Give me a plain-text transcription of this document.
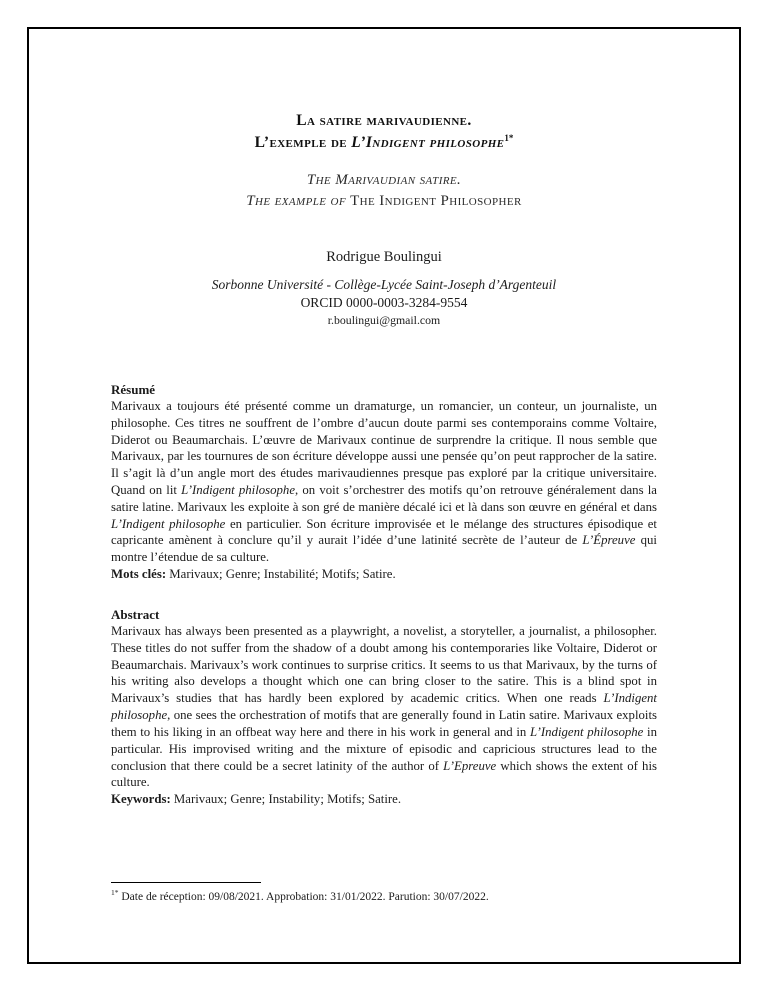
La satire marivaudienne.
L’exemple de L’Indigent philosophe$^{1*}$
The Marivaudian satire.
The example of The Indigent Philosopher
Rodrigue Boulingui
Sorbonne Université - Collège-Lycée Saint-Joseph d’Argenteuil
ORCID 0000-0003-3284-9554
r.boulingui@gmail.com
Résumé

Marivaux a toujours été présenté comme un dramaturge, un romancier, un conteur, un journaliste, un philosophe. Ces titres ne souffrent de l’ombre d’aucun doute parmi ses contemporains comme Voltaire, Diderot ou Beaumarchais. L’œuvre de Marivaux continue de surprendre la critique. Il nous semble que Marivaux, par les tournures de son écriture développe aussi une pensée qu’on peut rapprocher de la satire. Il s’agit là d’un angle mort des études marivaudiennes presque pas exploré par la critique universitaire. Quand on lit L’Indigent philosophe, on voit s’orchestrer des motifs qu’on retrouve généralement dans la satire latine. Marivaux les exploite à son gré de manière décalé ici et là dans son œuvre en général et dans L’Indigent philosophe en particulier. Son écriture improvisée et le mélange des structures épisodique et capricante amènent à conclure qu’il y aurait l’idée d’une latinité secrète de l’auteur de L’Épreuve qui montre l’étendue de sa culture.

Mots clés: Marivaux; Genre; Instabilité; Motifs; Satire.

Abstract

Marivaux has always been presented as a playwright, a novelist, a storyteller, a journalist, a philosopher. These titles do not suffer from the shadow of a doubt among his contemporaries like Voltaire, Diderot or Beaumarchais. Marivaux’s work continues to surprise critics. It seems to us that Marivaux, by the turns of his writing also develops a thought which one can bring closer to the satire. This is a blind spot in Marivaux’s studies that has hardly been explored by academic critics. When one reads L’Indigent philosophe, one sees the orchestration of motifs that are generally found in Latin satire. Marivaux exploits them to his liking in an offbeat way here and there in his work in general and in L’Indigent philosophe in particular. His improvised writing and the mixture of episodic and capricious structures lead to the conclusion that there could be a secret latinity of the author of L’Epreuve which shows the extent of his culture.

Keywords: Marivaux; Genre; Instability; Motifs; Satire.

$^{1*}$ Date de réception: 09/08/2021. Approbation: 31/01/2022. Parution: 30/07/2022.
